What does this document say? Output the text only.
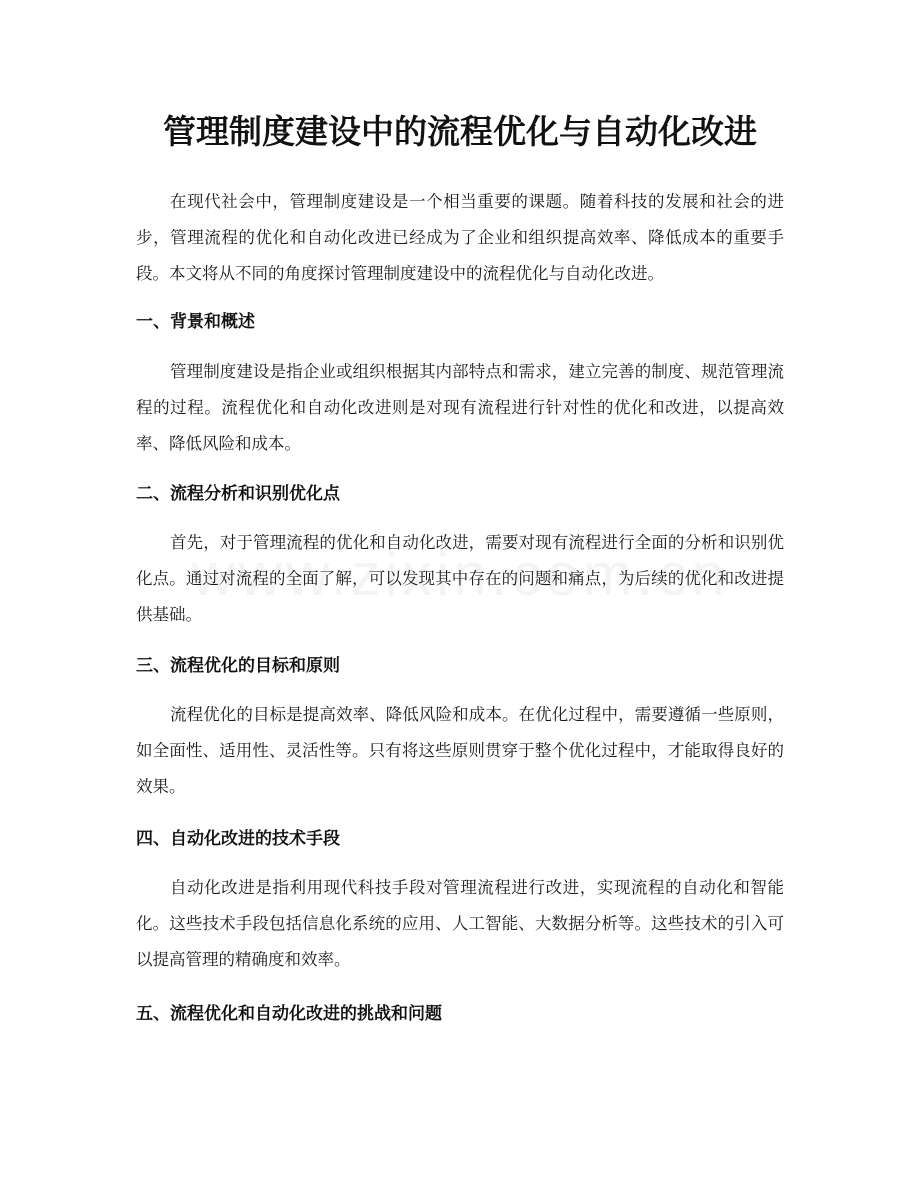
管理制度建设中的流程优化与自动化改进

在现代社会中，管理制度建设是一个相当重要的课题。随着科技的发展和社会的进步，管理流程的优化和自动化改进已经成为了企业和组织提高效率、降低成本的重要手段。本文将从不同的角度探讨管理制度建设中的流程优化与自动化改进。

一、背景和概述

管理制度建设是指企业或组织根据其内部特点和需求，建立完善的制度、规范管理流程的过程。流程优化和自动化改进则是对现有流程进行针对性的优化和改进，以提高效率、降低风险和成本。

二、流程分析和识别优化点

首先，对于管理流程的优化和自动化改进，需要对现有流程进行全面的分析和识别优化点。通过对流程的全面了解，可以发现其中存在的问题和痛点，为后续的优化和改进提供基础。

三、流程优化的目标和原则

流程优化的目标是提高效率、降低风险和成本。在优化过程中，需要遵循一些原则，如全面性、适用性、灵活性等。只有将这些原则贯穿于整个优化过程中，才能取得良好的效果。

四、自动化改进的技术手段

自动化改进是指利用现代科技手段对管理流程进行改进，实现流程的自动化和智能化。这些技术手段包括信息化系统的应用、人工智能、大数据分析等。这些技术的引入可以提高管理的精确度和效率。

五、流程优化和自动化改进的挑战和问题
